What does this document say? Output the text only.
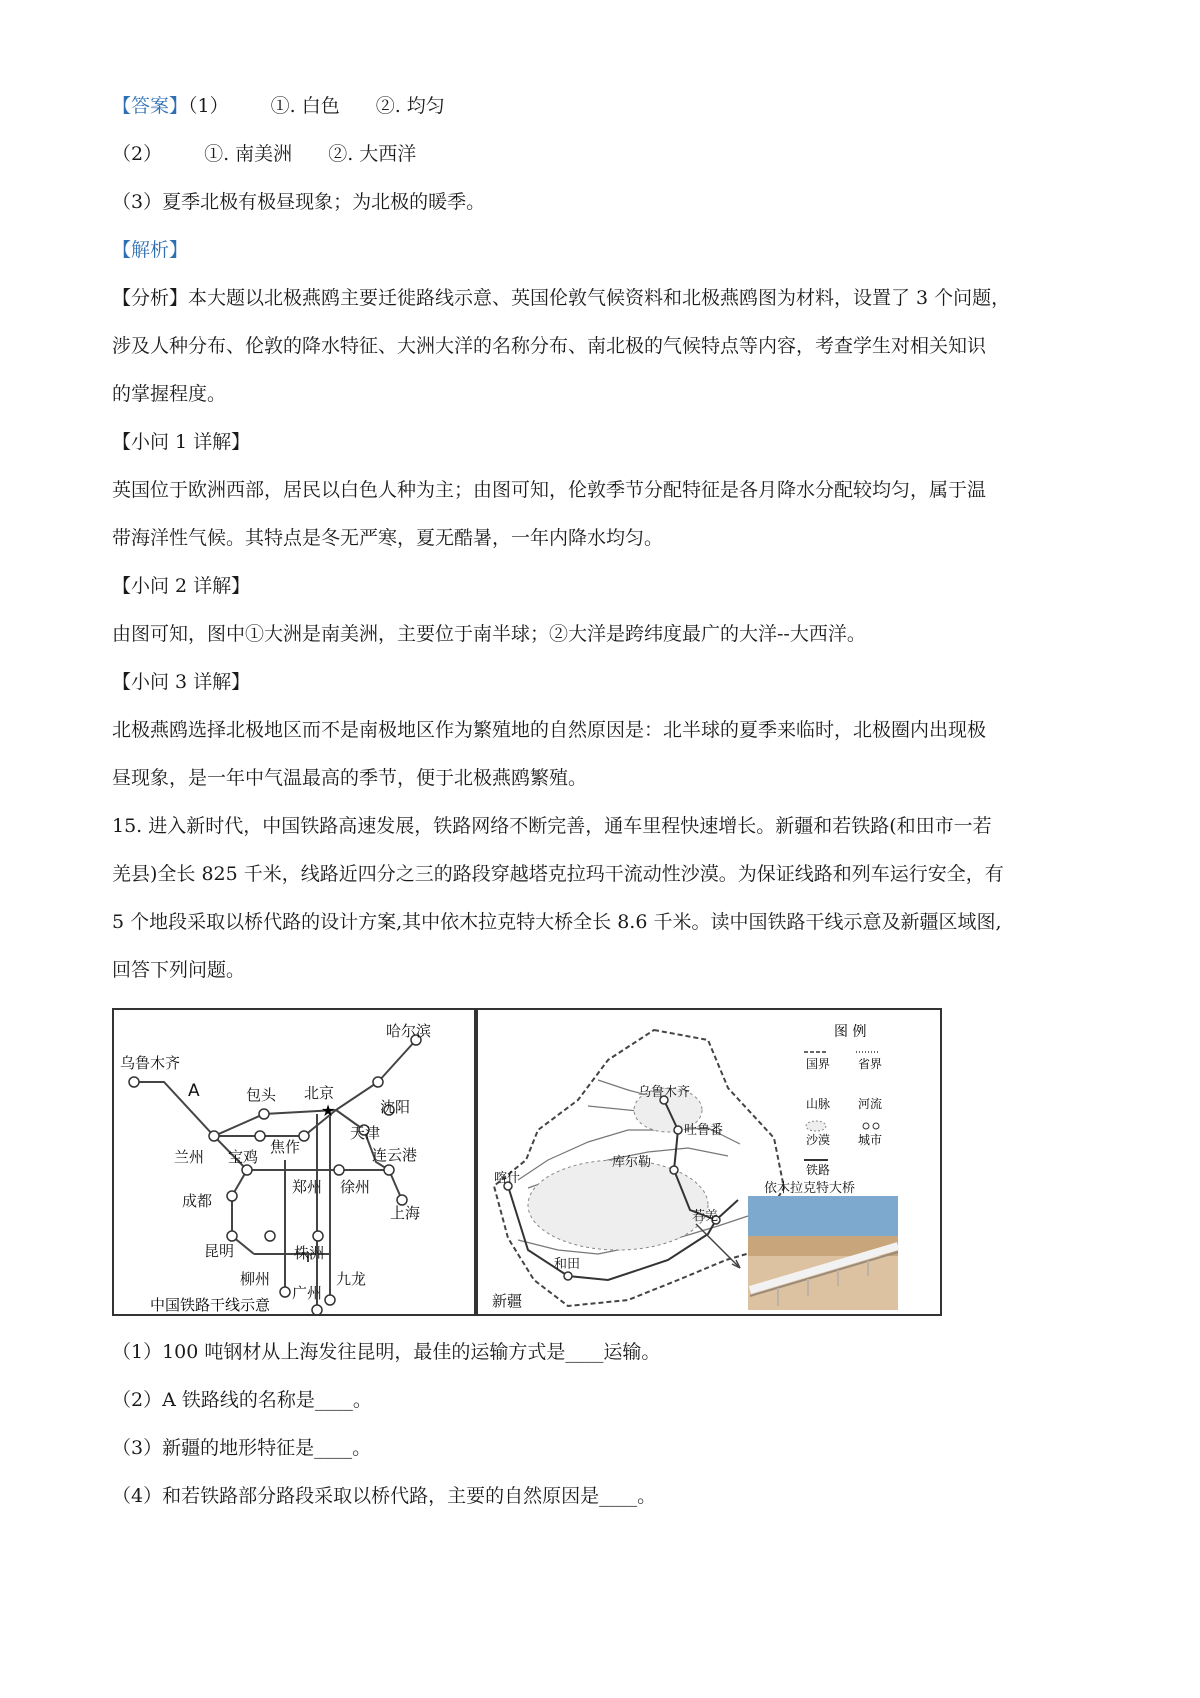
【答案】（1） ①. 白色 ②. 均匀
（2） ①. 南美洲 ②. 大西洋
（3）夏季北极有极昼现象；为北极的暖季。
【解析】
【分析】本大题以北极燕鸥主要迁徙路线示意、英国伦敦气候资料和北极燕鸥图为材料，设置了 3 个问题，
涉及人种分布、伦敦的降水特征、大洲大洋的名称分布、南北极的气候特点等内容，考查学生对相关知识
的掌握程度。
【小问 1 详解】
英国位于欧洲西部，居民以白色人种为主；由图可知，伦敦季节分配特征是各月降水分配较均匀，属于温
带海洋性气候。其特点是冬无严寒，夏无酷暑，一年内降水均匀。
【小问 2 详解】
由图可知，图中①大洲是南美洲，主要位于南半球；②大洋是跨纬度最广的大洋--大西洋。
【小问 3 详解】
北极燕鸥选择北极地区而不是南极地区作为繁殖地的自然原因是：北半球的夏季来临时，北极圈内出现极
昼现象，是一年中气温最高的季节，便于北极燕鸥繁殖。
15. 进入新时代，中国铁路高速发展，铁路网络不断完善，通车里程快速增长。新疆和若铁路(和田市一若
羌县)全长 825 千米，线路近四分之三的路段穿越塔克拉玛干流动性沙漠。为保证线路和列车运行安全，有
5 个地段采取以桥代路的设计方案,其中依木拉克特大桥全长 8.6 千米。读中国铁路干线示意及新疆区域图,
回答下列问题。
★
乌鲁木齐
A	包头 北京
哈尔滨
沈阳
天津
兰州 宝鸡
焦作	连云港
郑州 徐州
成都
上海
昆明	株洲
柳州	九龙
广州
中国铁路干线示意
乌鲁木齐
吐鲁番
库尔勒
喀什
若羌
和田
新疆
图 例
国界 省界
山脉 河流
沙漠 城市
铁路
依木拉克特大桥
（1）100 吨钢材从上海发往昆明，最佳的运输方式是____运输。
（2）A 铁路线的名称是____。
（3）新疆的地形特征是____。
（4）和若铁路部分路段采取以桥代路，主要的自然原因是____。
